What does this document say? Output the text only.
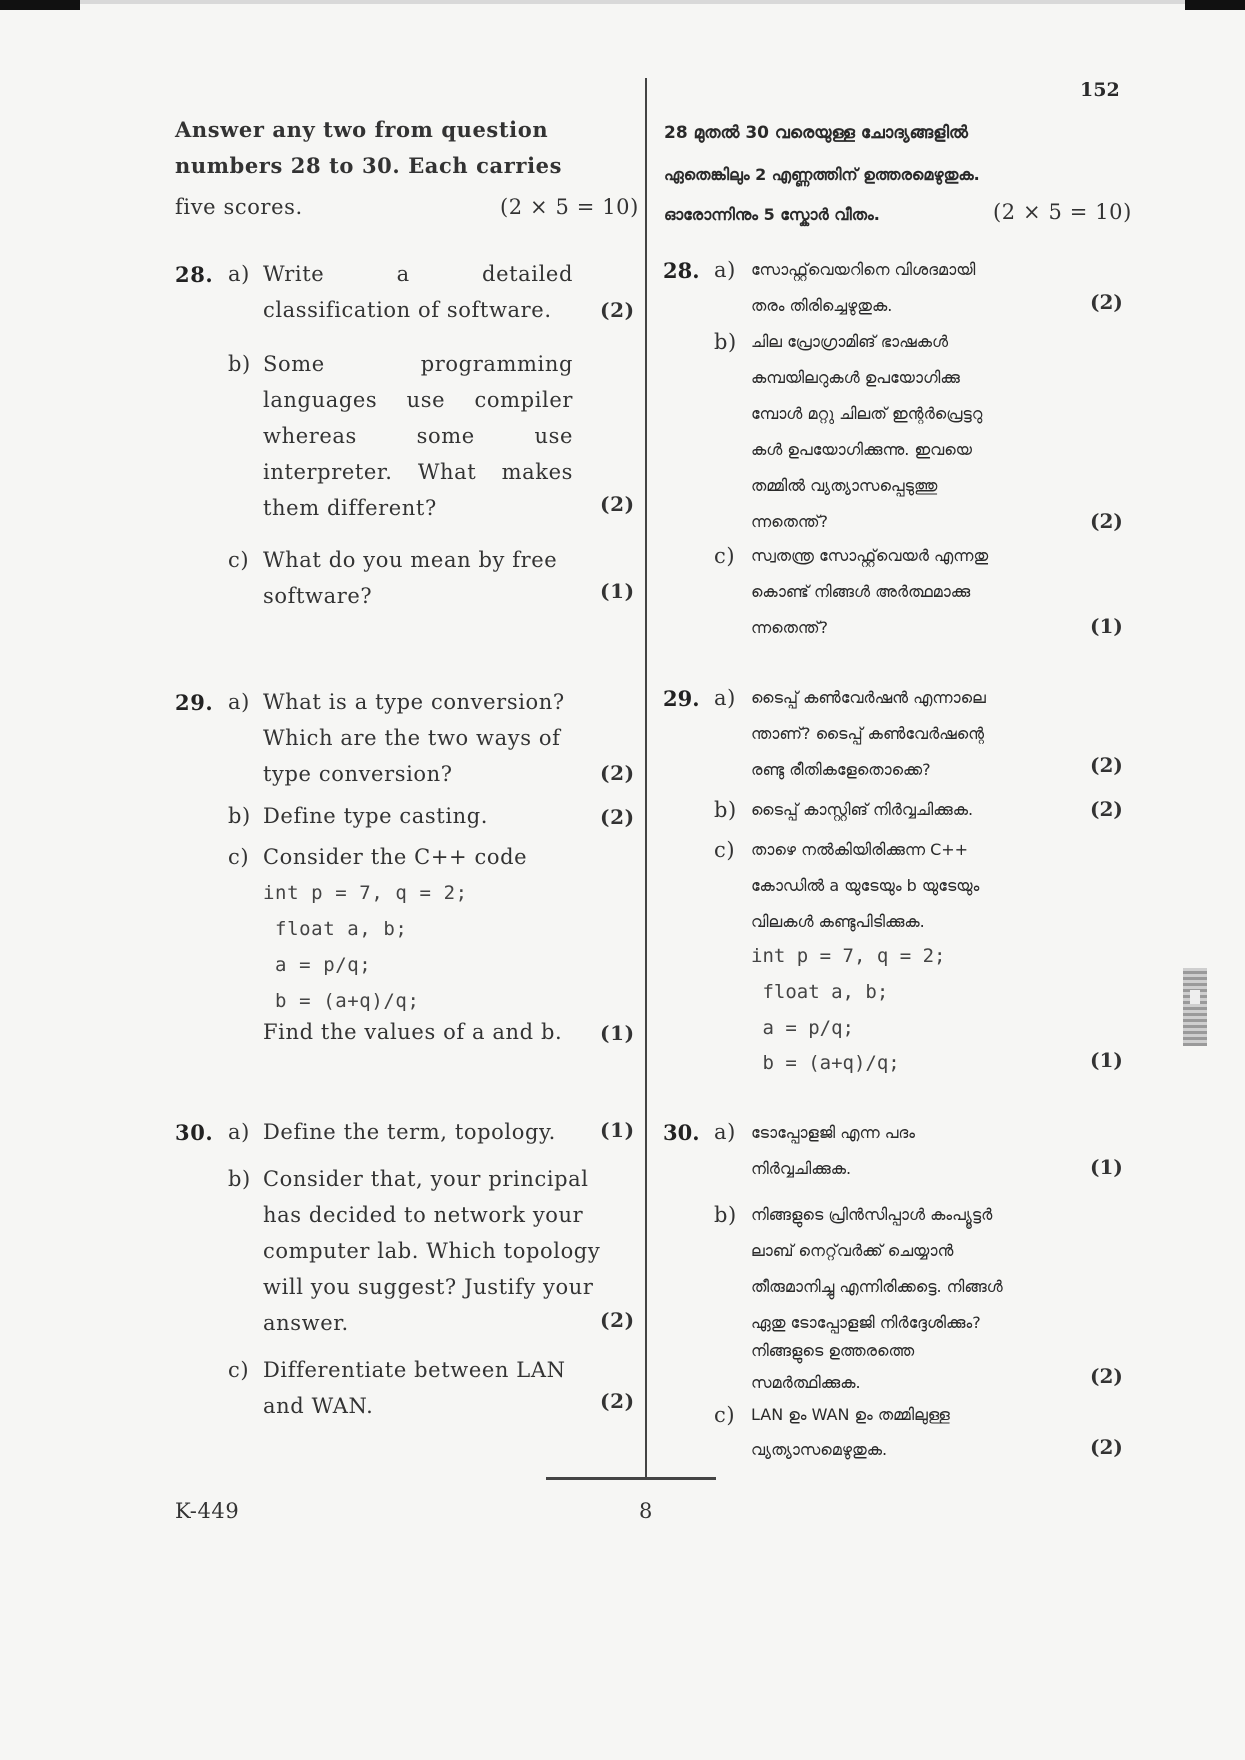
152
Answer any two from question
numbers 28 to 30. Each carries
five scores.	(2 × 5 = 10)
28. a) Write a detailed
classification of software. (2)
b) Some programming
languages use compiler
whereas some use
interpreter. What makes
them different?	(2)
c) What do you mean by free
software?	(1)
29. a) What is a type conversion?
Which are the two ways of
type conversion?	(2)
b) Define type casting.	(2)
c) Consider the C++ code
int p = 7, q = 2;
float a, b;
a = p/q;
b = (a+q)/q;
Find the values of a and b. (1)
30. a) Define the term, topology. (1)
b) Consider that, your principal
has decided to network your
computer lab. Which topology
will you suggest? Justify your
answer.	(2)
c) Differentiate between LAN
and WAN.	(2)
28 മുതൽ 30 വരെയുള്ള ചോദ്യങ്ങളിൽ
ഏതെങ്കിലും 2 എണ്ണത്തിന് ഉത്തരമെഴുതുക.
ഓരോന്നിനും 5 സ്കോർ വീതം.	(2 × 5 = 10)
28. a) സോഫ്റ്റ്‌വെയറിനെ വിശദമായി
തരം തിരിച്ചെഴുതുക.	(2)
b) ചില പ്രോഗ്രാമിങ് ഭാഷകൾ
കമ്പയിലറുകൾ ഉപയോഗിക്കു
മ്പോൾ മറ്റു ചിലത് ഇന്റർപ്രെട്ടറു
കൾ ഉപയോഗിക്കുന്നു. ഇവയെ
തമ്മിൽ വ്യത്യാസപ്പെടുത്തു
ന്നതെന്ത്?	(2)
c) സ്വതന്ത്ര സോഫ്റ്റ്‌വെയർ എന്നതു
കൊണ്ട് നിങ്ങൾ അർത്ഥമാക്കു
ന്നതെന്ത്?	(1)
29. a) ടൈപ്പ് കൺവേർഷൻ എന്നാലെ
ന്താണ്? ടൈപ്പ് കൺവേർഷന്റെ
രണ്ടു രീതികളേതൊക്കെ?	(2)
b) ടൈപ്പ് കാസ്റ്റിങ് നിർവ്വചിക്കുക.	(2)
c) താഴെ നൽകിയിരിക്കുന്ന C++
കോഡിൽ a യുടേയും b യുടേയും
വിലകൾ കണ്ടുപിടിക്കുക.
int p = 7, q = 2;
float a, b;
a = p/q;
b = (a+q)/q;	(1)
30. a) ടോപ്പോളജി എന്ന പദം
നിർവ്വചിക്കുക.	(1)
b) നിങ്ങളുടെ പ്രിൻസിപ്പാൾ കംപ്യൂട്ടർ
ലാബ് നെറ്റ്‌വർക്ക് ചെയ്യാൻ
തീരുമാനിച്ചു എന്നിരിക്കട്ടെ. നിങ്ങൾ
ഏതു ടോപ്പോളജി നിർദ്ദേശിക്കും?
നിങ്ങളുടെ ഉത്തരത്തെ
സമർത്ഥിക്കുക.	(2)
c) LAN ഉം WAN ഉം തമ്മിലുള്ള
വ്യത്യാസമെഴുതുക.	(2)
K-449	8
